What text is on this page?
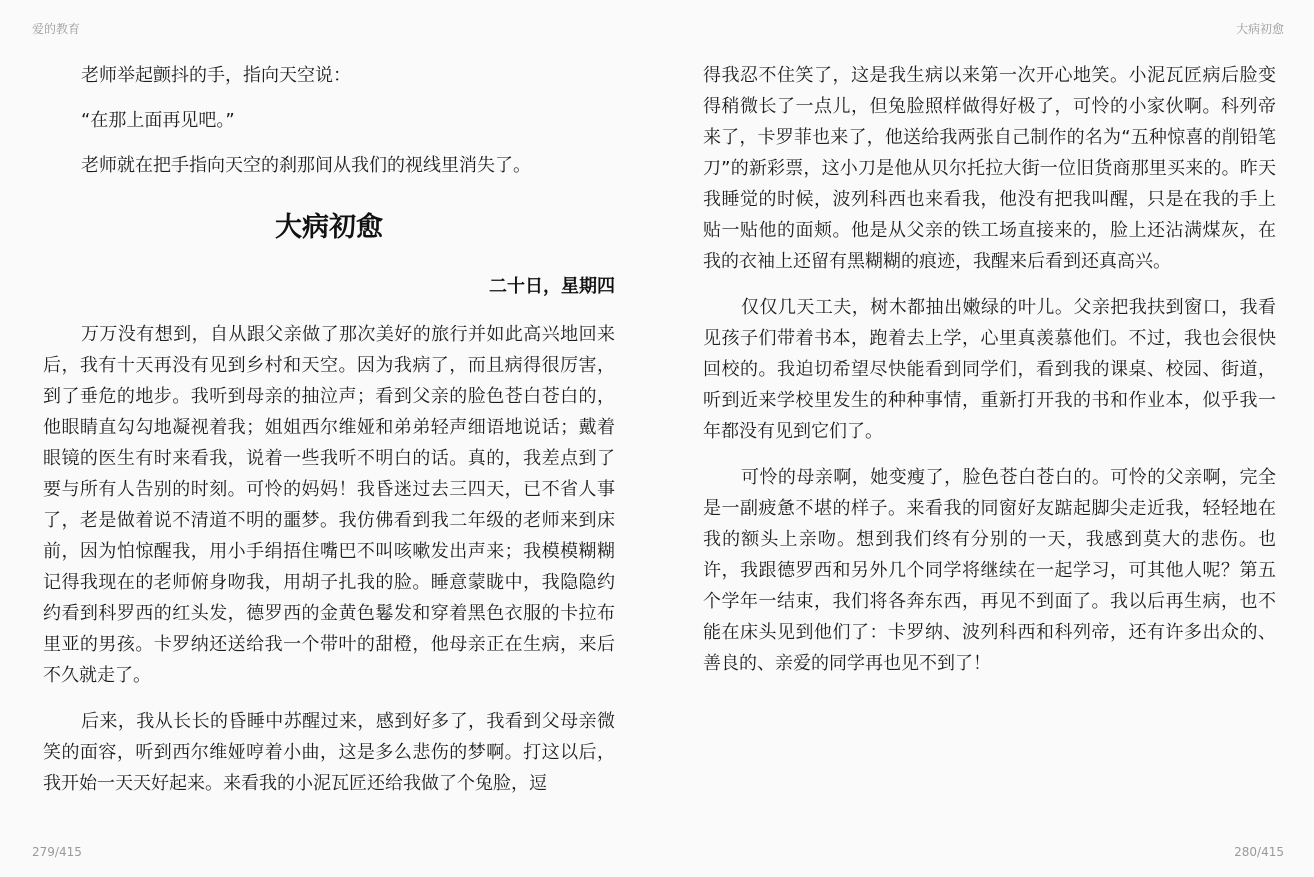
爱的教育	大病初愈

老师举起颤抖的手，指向天空说：

“在那上面再见吧。”

老师就在把手指向天空的刹那间从我们的视线里消失了。

大病初愈
二十日，星期四

万万没有想到，自从跟父亲做了那次美好的旅行并如此高兴地回来后，我有十天再没有见到乡村和天空。因为我病了，而且病得很厉害，到了垂危的地步。我听到母亲的抽泣声；看到父亲的脸色苍白苍白的，他眼睛直勾勾地凝视着我；姐姐西尔维娅和弟弟轻声细语地说话；戴着眼镜的医生有时来看我，说着一些我听不明白的话。真的，我差点到了要与所有人告别的时刻。可怜的妈妈！我昏迷过去三四天，已不省人事了，老是做着说不清道不明的噩梦。我仿佛看到我二年级的老师来到床前，因为怕惊醒我，用小手绢捂住嘴巴不叫咳嗽发出声来；我模模糊糊记得我现在的老师俯身吻我，用胡子扎我的脸。睡意蒙眬中，我隐隐约约看到科罗西的红头发，德罗西的金黄色鬈发和穿着黑色衣服的卡拉布里亚的男孩。卡罗纳还送给我一个带叶的甜橙，他母亲正在生病，来后不久就走了。

后来，我从长长的昏睡中苏醒过来，感到好多了，我看到父母亲微笑的面容，听到西尔维娅哼着小曲，这是多么悲伤的梦啊。打这以后，我开始一天天好起来。来看我的小泥瓦匠还给我做了个兔脸，逗

得我忍不住笑了，这是我生病以来第一次开心地笑。小泥瓦匠病后脸变得稍微长了一点儿，但兔脸照样做得好极了，可怜的小家伙啊。科列帝来了，卡罗菲也来了，他送给我两张自己制作的名为“五种惊喜的削铅笔刀”的新彩票，这小刀是他从贝尔托拉大街一位旧货商那里买来的。昨天我睡觉的时候，波列科西也来看我，他没有把我叫醒，只是在我的手上贴一贴他的面颊。他是从父亲的铁工场直接来的，脸上还沾满煤灰，在我的衣袖上还留有黑糊糊的痕迹，我醒来后看到还真高兴。

仅仅几天工夫，树木都抽出嫩绿的叶儿。父亲把我扶到窗口，我看见孩子们带着书本，跑着去上学，心里真羡慕他们。不过，我也会很快回校的。我迫切希望尽快能看到同学们，看到我的课桌、校园、街道，听到近来学校里发生的种种事情，重新打开我的书和作业本，似乎我一年都没有见到它们了。

可怜的母亲啊，她变瘦了，脸色苍白苍白的。可怜的父亲啊，完全是一副疲惫不堪的样子。来看我的同窗好友踮起脚尖走近我，轻轻地在我的额头上亲吻。想到我们终有分别的一天，我感到莫大的悲伤。也许，我跟德罗西和另外几个同学将继续在一起学习，可其他人呢？第五个学年一结束，我们将各奔东西，再见不到面了。我以后再生病，也不能在床头见到他们了：卡罗纳、波列科西和科列帝，还有许多出众的、善良的、亲爱的同学再也见不到了！

279/415	280/415
